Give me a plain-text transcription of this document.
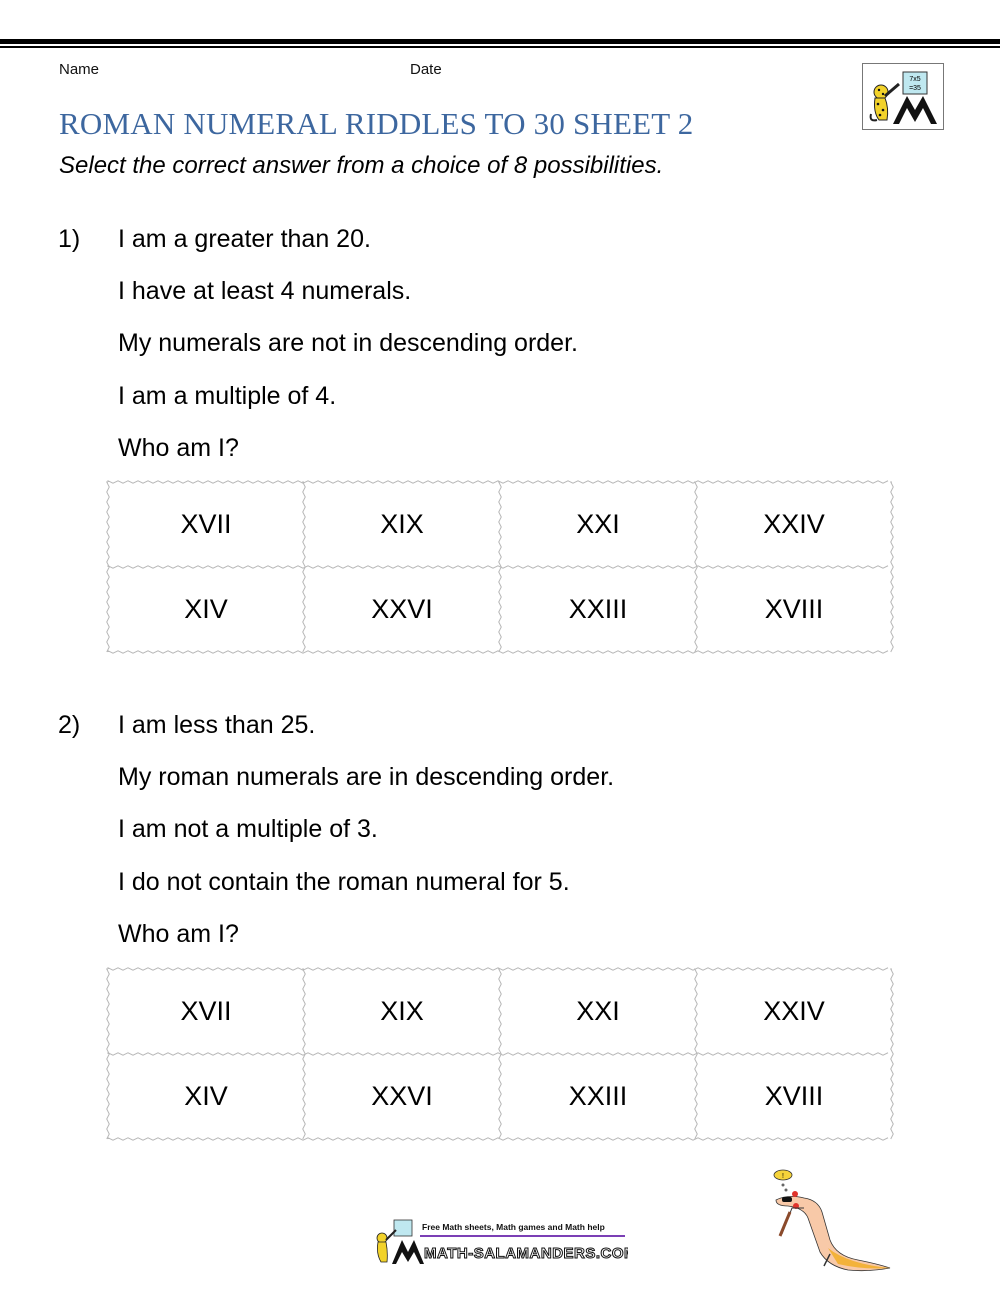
Name	Date
7x5
=35
ROMAN NUMERAL RIDDLES TO 30 SHEET 2

Select the correct answer from a choice of 8 possibilities.

1) I am a greater than 20.
I have at least 4 numerals.
My numerals are not in descending order.
I am a multiple of 4.
Who am I?
XVII	XIX	XXI	XXIV
XIV	XXVI	XXIII	XVIII
2) I am less than 25.
My roman numerals are in descending order.
I am not a multiple of 3.
I do not contain the roman numeral for 5.
Who am I?
XVII	XIX	XXI	XXIV
XIV	XXVI	XXIII	XVIII
Free Math sheets, Math games and Math help
MATH-SALAMANDERS.COM
!
